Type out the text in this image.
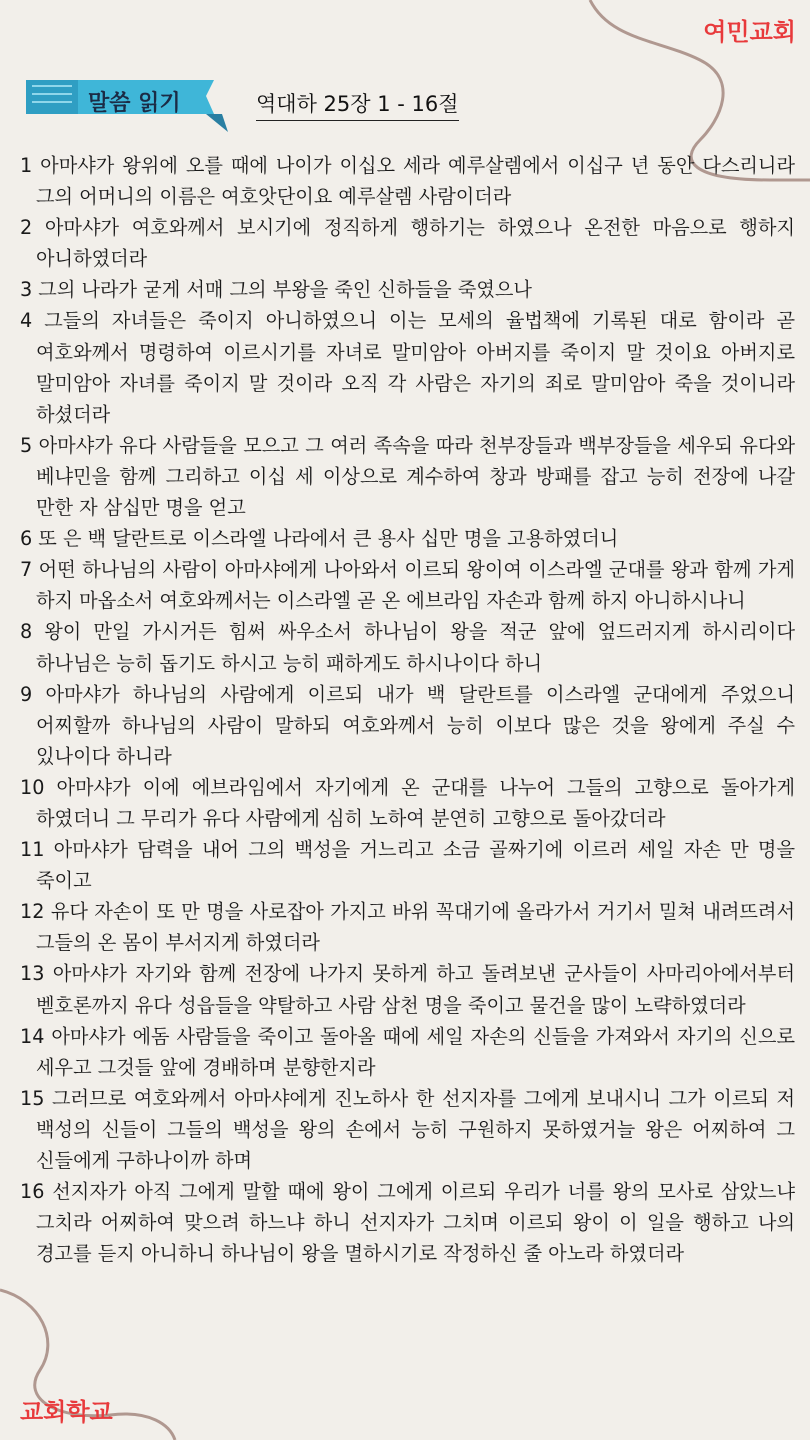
여민교회
말씀 읽기	역대하 25장 1 - 16절
1 아마샤가 왕위에 오를 때에 나이가 이십오 세라 예루살렘에서 이십구 년 동안 다스리니라 그의 어머니의 이름은 여호앗단이요 예루살렘 사람이더라
2 아마샤가 여호와께서 보시기에 정직하게 행하기는 하였으나 온전한 마음으로 행하지 아니하였더라
3 그의 나라가 굳게 서매 그의 부왕을 죽인 신하들을 죽였으나
4 그들의 자녀들은 죽이지 아니하였으니 이는 모세의 율법책에 기록된 대로 함이라 곧 여호와께서 명령하여 이르시기를 자녀로 말미암아 아버지를 죽이지 말 것이요 아버지로 말미암아 자녀를 죽이지 말 것이라 오직 각 사람은 자기의 죄로 말미암아 죽을 것이니라 하셨더라
5 아마샤가 유다 사람들을 모으고 그 여러 족속을 따라 천부장들과 백부장들을 세우되 유다와 베냐민을 함께 그리하고 이십 세 이상으로 계수하여 창과 방패를 잡고 능히 전장에 나갈 만한 자 삼십만 명을 얻고
6 또 은 백 달란트로 이스라엘 나라에서 큰 용사 십만 명을 고용하였더니
7 어떤 하나님의 사람이 아마샤에게 나아와서 이르되 왕이여 이스라엘 군대를 왕과 함께 가게 하지 마옵소서 여호와께서는 이스라엘 곧 온 에브라임 자손과 함께 하지 아니하시나니
8 왕이 만일 가시거든 힘써 싸우소서 하나님이 왕을 적군 앞에 엎드러지게 하시리이다 하나님은 능히 돕기도 하시고 능히 패하게도 하시나이다 하니
9 아마샤가 하나님의 사람에게 이르되 내가 백 달란트를 이스라엘 군대에게 주었으니 어찌할까 하나님의 사람이 말하되 여호와께서 능히 이보다 많은 것을 왕에게 주실 수 있나이다 하니라
10 아마샤가 이에 에브라임에서 자기에게 온 군대를 나누어 그들의 고향으로 돌아가게 하였더니 그 무리가 유다 사람에게 심히 노하여 분연히 고향으로 돌아갔더라
11 아마샤가 담력을 내어 그의 백성을 거느리고 소금 골짜기에 이르러 세일 자손 만 명을 죽이고
12 유다 자손이 또 만 명을 사로잡아 가지고 바위 꼭대기에 올라가서 거기서 밀쳐 내려뜨려서 그들의 온 몸이 부서지게 하였더라
13 아마샤가 자기와 함께 전장에 나가지 못하게 하고 돌려보낸 군사들이 사마리아에서부터 벧호론까지 유다 성읍들을 약탈하고 사람 삼천 명을 죽이고 물건을 많이 노략하였더라
14 아마샤가 에돔 사람들을 죽이고 돌아올 때에 세일 자손의 신들을 가져와서 자기의 신으로 세우고 그것들 앞에 경배하며 분향한지라
15 그러므로 여호와께서 아마샤에게 진노하사 한 선지자를 그에게 보내시니 그가 이르되 저 백성의 신들이 그들의 백성을 왕의 손에서 능히 구원하지 못하였거늘 왕은 어찌하여 그 신들에게 구하나이까 하며
16 선지자가 아직 그에게 말할 때에 왕이 그에게 이르되 우리가 너를 왕의 모사로 삼았느냐 그치라 어찌하여 맞으려 하느냐 하니 선지자가 그치며 이르되 왕이 이 일을 행하고 나의 경고를 듣지 아니하니 하나님이 왕을 멸하시기로 작정하신 줄 아노라 하였더라
교회학교
